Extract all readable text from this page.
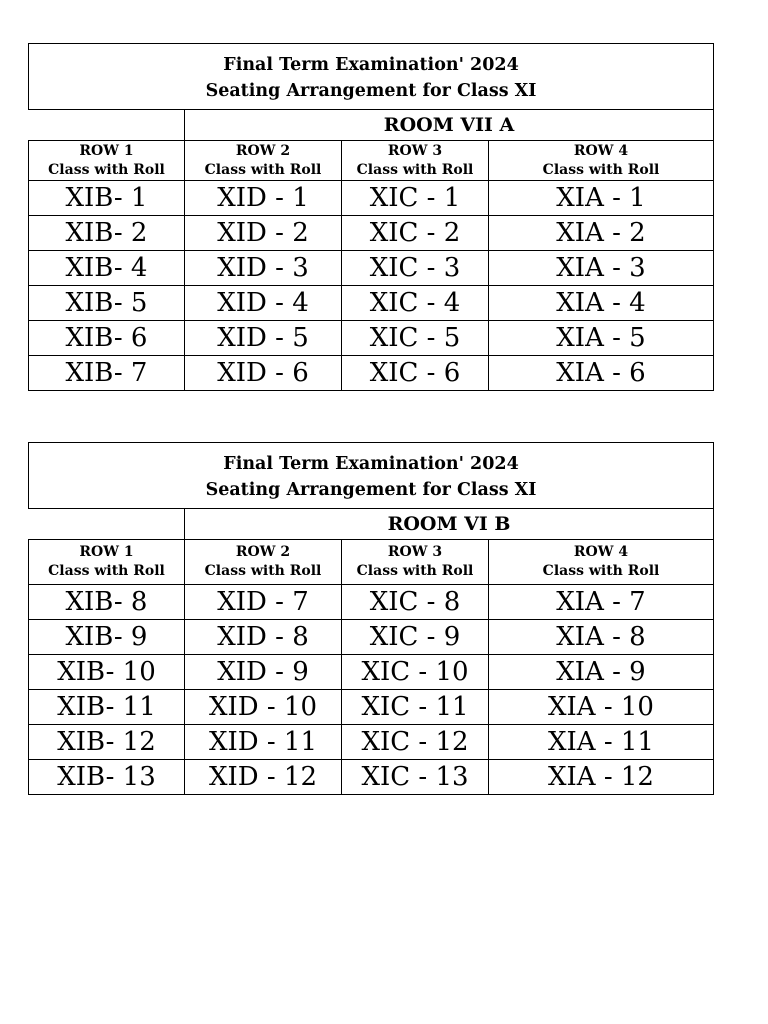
Final Term Examination' 2024
Seating Arrangement for Class XI			

	ROOM VII A		

ROW 1
Class with Roll	ROW 2
Class with Roll	ROW 3
Class with Roll	ROW 4
Class with Roll

XIB- 1	XID - 1	XIC - 1	XIA - 1
XIB- 2	XID - 2	XIC - 2	XIA - 2
XIB- 4	XID - 3	XIC - 3	XIA - 3
XIB- 5	XID - 4	XIC - 4	XIA - 4
XIB- 6	XID - 5	XIC - 5	XIA - 5
XIB- 7	XID - 6	XIC - 6	XIA - 6
Final Term Examination' 2024
Seating Arrangement for Class XI			

	ROOM VI B		

ROW 1
Class with Roll	ROW 2
Class with Roll	ROW 3
Class with Roll	ROW 4
Class with Roll

XIB- 8	XID - 7	XIC - 8	XIA - 7
XIB- 9	XID - 8	XIC - 9	XIA - 8
XIB- 10	XID - 9	XIC - 10	XIA - 9
XIB- 11	XID - 10	XIC - 11	XIA - 10
XIB- 12	XID - 11	XIC - 12	XIA - 11
XIB- 13	XID - 12	XIC - 13	XIA - 12
